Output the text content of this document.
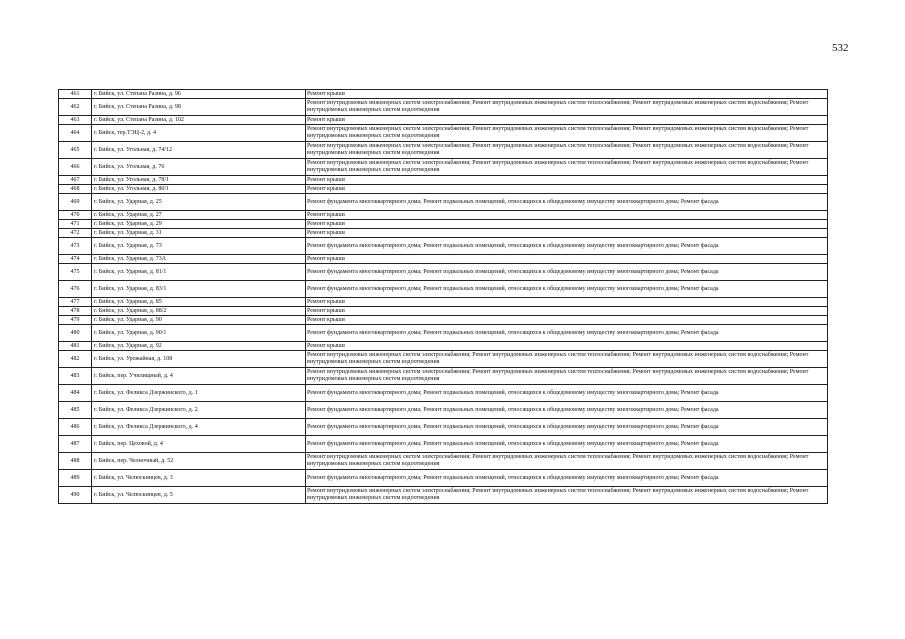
532
461	г. Бийск, ул. Степана Разина, д. 96	Ремонт крыши
462	г. Бийск, ул. Степана Разина, д. 98	Ремонт внутридомовых инженерных систем электроснабжения; Ремонт внутридомовых инженерных систем теплоснабжения; Ремонт внутридомовых инженерных систем водоснабжения; Ремонт внутридомовых инженерных систем водоотведения
463	г. Бийск, ул. Степана Разина, д. 102	Ремонт крыши
464	г. Бийск, тер.ТЭЦ-2, д. 4	Ремонт внутридомовых инженерных систем электроснабжения; Ремонт внутридомовых инженерных систем теплоснабжения; Ремонт внутридомовых инженерных систем водоснабжения; Ремонт внутридомовых инженерных систем водоотведения
465	г. Бийск, ул. Угольная, д. 74/12	Ремонт внутридомовых инженерных систем электроснабжения; Ремонт внутридомовых инженерных систем теплоснабжения; Ремонт внутридомовых инженерных систем водоснабжения; Ремонт внутридомовых инженерных систем водоотведения
466	г. Бийск, ул. Угольная, д. 76	Ремонт внутридомовых инженерных систем электроснабжения; Ремонт внутридомовых инженерных систем теплоснабжения; Ремонт внутридомовых инженерных систем водоснабжения; Ремонт внутридомовых инженерных систем водоотведения
467	г. Бийск, ул. Угольная, д. 78/1	Ремонт крыши
468	г. Бийск, ул. Угольная, д. 80/1	Ремонт крыши
469	г. Бийск, ул. Ударная, д. 25	Ремонт фундамента многоквартирного дома; Ремонт подвальных помещений, относящихся к общедомовому имуществу многоквартирного дома; Ремонт фасада
470	г. Бийск, ул. Ударная, д. 27	Ремонт крыши
471	г. Бийск, ул. Ударная, д. 29	Ремонт крыши
472	г. Бийск, ул. Ударная, д. 31	Ремонт крыши
473	г. Бийск, ул. Ударная, д. 73	Ремонт фундамента многоквартирного дома; Ремонт подвальных помещений, относящихся к общедомовому имуществу многоквартирного дома; Ремонт фасада
474	г. Бийск, ул. Ударная, д. 73А	Ремонт крыши
475	г. Бийск, ул. Ударная, д. 81/1	Ремонт фундамента многоквартирного дома; Ремонт подвальных помещений, относящихся к общедомовому имуществу многоквартирного дома; Ремонт фасада
476	г. Бийск, ул. Ударная, д. 83/1	Ремонт фундамента многоквартирного дома; Ремонт подвальных помещений, относящихся к общедомовому имуществу многоквартирного дома; Ремонт фасада
477	г. Бийск, ул. Ударная, д. 85	Ремонт крыши
478	г. Бийск, ул. Ударная, д. 88/2	Ремонт крыши
479	г. Бийск, ул. Ударная, д. 90	Ремонт крыши
480	г. Бийск, ул. Ударная, д. 90/1	Ремонт фундамента многоквартирного дома; Ремонт подвальных помещений, относящихся к общедомовому имуществу многоквартирного дома; Ремонт фасада
481	г. Бийск, ул. Ударная, д. 92	Ремонт крыши
482	г. Бийск, ул. Урожайная, д. 108	Ремонт внутридомовых инженерных систем электроснабжения; Ремонт внутридомовых инженерных систем теплоснабжения; Ремонт внутридомовых инженерных систем водоснабжения; Ремонт внутридомовых инженерных систем водоотведения
483	г. Бийск, пер. Училищный, д. 4	Ремонт внутридомовых инженерных систем электроснабжения; Ремонт внутридомовых инженерных систем теплоснабжения; Ремонт внутридомовых инженерных систем водоснабжения; Ремонт внутридомовых инженерных систем водоотведения
484	г. Бийск, ул. Феликса Дзержинского, д. 1	Ремонт фундамента многоквартирного дома; Ремонт подвальных помещений, относящихся к общедомовому имуществу многоквартирного дома; Ремонт фасада
485	г. Бийск, ул. Феликса Дзержинского, д. 2	Ремонт фундамента многоквартирного дома; Ремонт подвальных помещений, относящихся к общедомовому имуществу многоквартирного дома; Ремонт фасада
486	г. Бийск, ул. Феликса Дзержинского, д. 4	Ремонт фундамента многоквартирного дома; Ремонт подвальных помещений, относящихся к общедомовому имуществу многоквартирного дома; Ремонт фасада
487	г. Бийск, пер. Цеховой, д. 4	Ремонт фундамента многоквартирного дома; Ремонт подвальных помещений, относящихся к общедомовому имуществу многоквартирного дома; Ремонт фасада
488	г. Бийск, пер. Челночный, д. 52	Ремонт внутридомовых инженерных систем электроснабжения; Ремонт внутридомовых инженерных систем теплоснабжения; Ремонт внутридомовых инженерных систем водоснабжения; Ремонт внутридомовых инженерных систем водоотведения
489	г. Бийск, ул. Челюскинцев, д. 3	Ремонт фундамента многоквартирного дома; Ремонт подвальных помещений, относящихся к общедомовому имуществу многоквартирного дома; Ремонт фасада
490	г. Бийск, ул. Челюскинцев, д. 5	Ремонт внутридомовых инженерных систем электроснабжения; Ремонт внутридомовых инженерных систем теплоснабжения; Ремонт внутридомовых инженерных систем водоснабжения; Ремонт внутридомовых инженерных систем водоотведения
